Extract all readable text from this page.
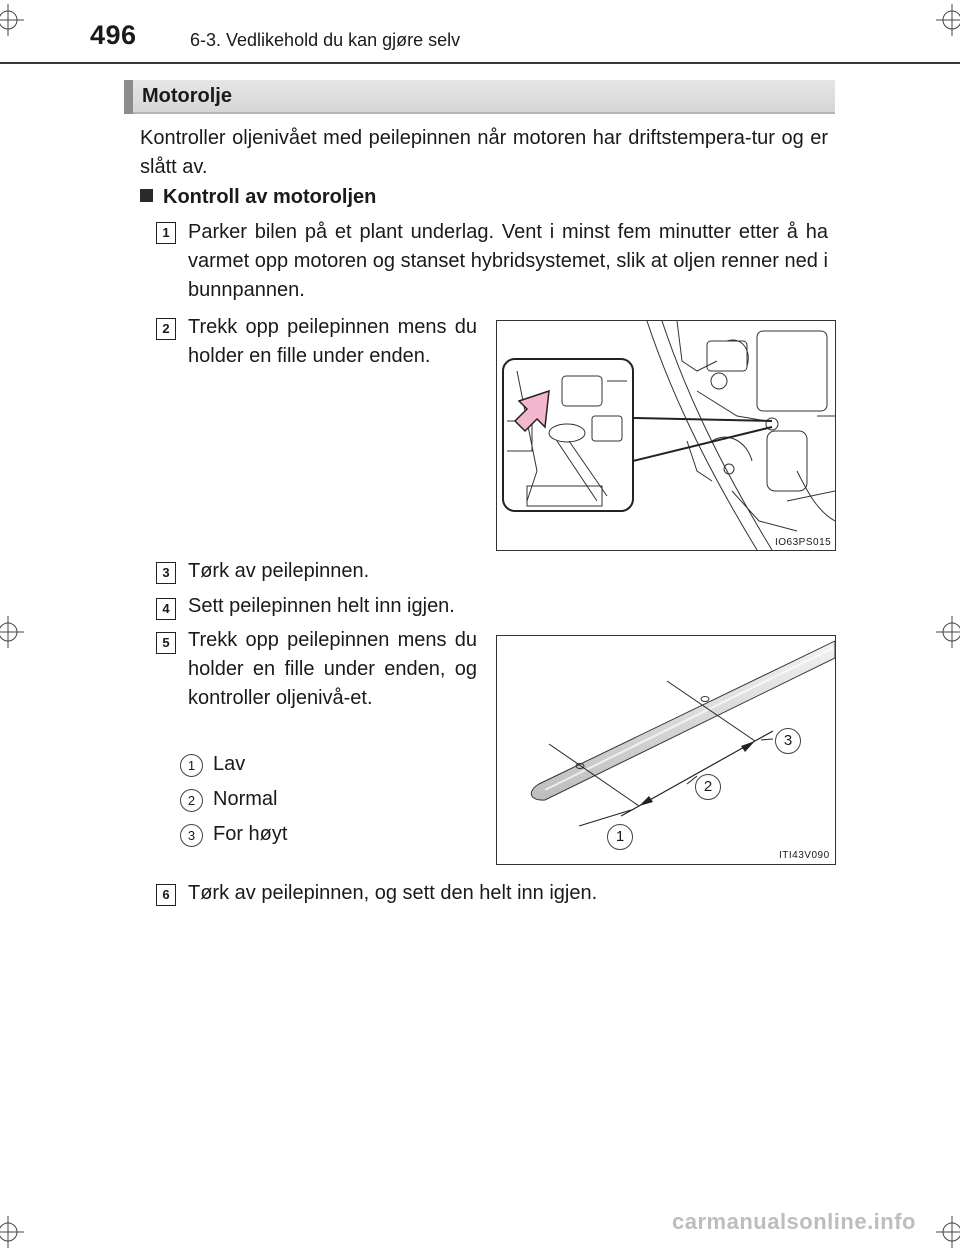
496	6-3. Vedlikehold du kan gjøre selv
Motorolje
Kontroller oljenivået med peilepinnen når motoren har driftstempera-tur og er slått av.
Kontroll av motoroljen
1 Parker bilen på et plant underlag. Vent i minst fem minutter etter å ha varmet opp motoren og stanset hybridsystemet, slik at oljen renner ned i bunnpannen.
2 Trekk opp peilepinnen mens du holder en fille under enden.
IO63PS015
3 Tørk av peilepinnen.
4 Sett peilepinnen helt inn igjen.
5 Trekk opp peilepinnen mens du holder en fille under enden, og kontroller oljenivå-et.
1 Lav
2 Normal
3 For høyt	1
2
3
ITI43V090
6 Tørk av peilepinnen, og sett den helt inn igjen.
carmanualsonline.info
